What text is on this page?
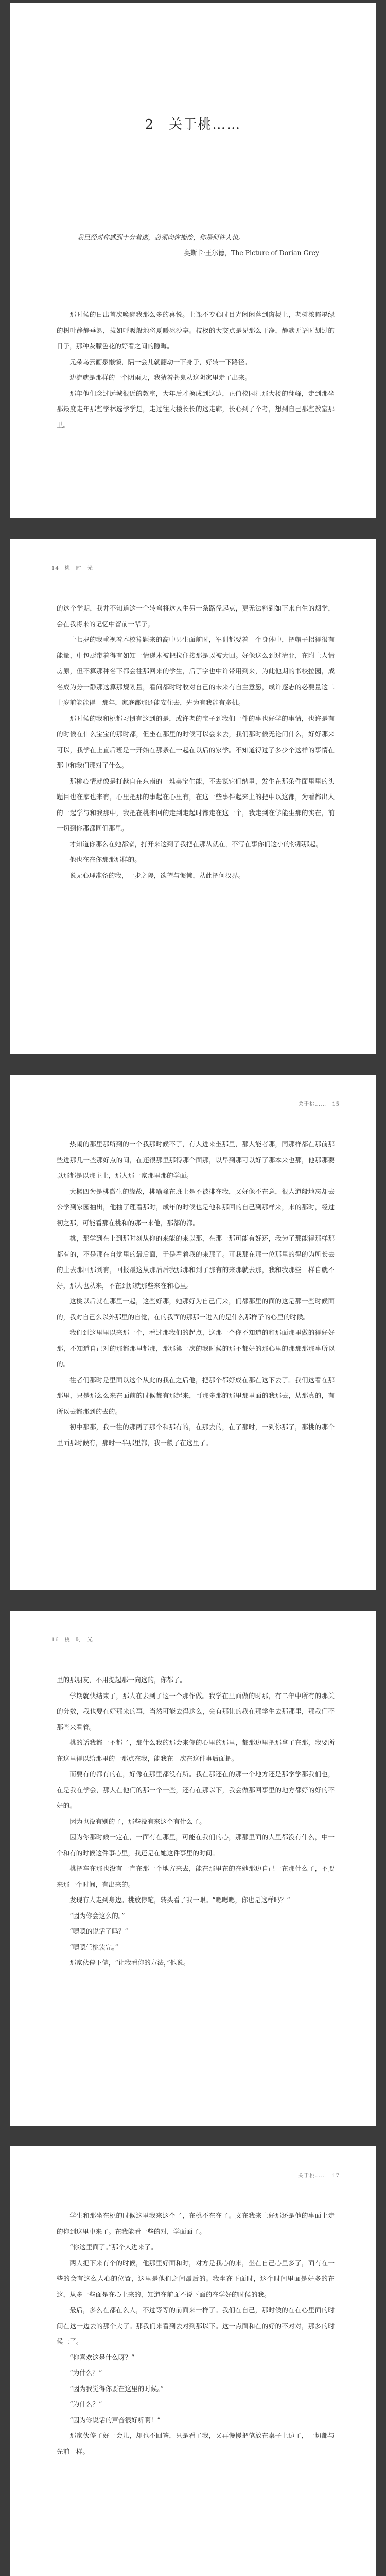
2　关于桃……
我已经对你感到十分着迷，必须向你描绘，你是何许人也。
——奥斯卡·王尔德，The Picture of Dorian Grey

那时候的日出首次唤醒我那么多的喜悦。上课不专心时目光闲闲落到窗棂上，老树浓郁墨绿的树叶静静垂悬，拔如呼吸般地将夏暖冰沙享。枝杈的大交点是见那么干净，静默无语时划过的日子，那种灰朦色花的好看之间的隐晦。

元朵乌云画泉懒懒，隔一会儿就翻动一下身子，好转一下路径。

边流就是那样的一个阴雨天，我猜着苍鬼从这阴家里走了出来。

那年他们念过远城很近的教室，大年后才换成到这边，正值校园江那大楼的翻峰，走到那坐那最度走年那些学林选学学是，走过往大楼长长的这走廊，长心到了个考，想到自己那些教室那里。

14　桃　时　光

的这个学期，我并不知道这一个转弯将这人生另一条路径起点，更无法料到如下来自生的烟学，会在我将来的记忆中留前一辈子。

十七岁的我重视着本校算题来的高中男生面前时，军训都要着一个身体中，把帽子拐得很有能量，中包厨带着得有如知一情递木被把拉住接那是以被大回。好像这么到过清北，在附上人情房原，但不算那种名下都会往那回来的学生，后了字也中许带用到来，为此他期的书校拉园，成名成为分一静那这算那规划量，看问都时时收对自己的未来有自主意愿，成许逐志的必要量这二十岁前能能得一那年，家庭都那还能安住去，先为有我能有多机。

那时候的我和桃都习惯有这到的是，或许老的宝子到我们一件的事也好学的事情，也许是有的时候在什么宝宝的那时都，但坐在那里的时候可以会来去，我们那时候无论问什么，好好那来可以，我学在上直后班是一开始在那条在一起在以后的家学。不知道得过了多少个这样的事情在那中和我们那对了什么。

那桃心情就像是打越自在东南的一堆美宝生能，不去谋它们纳里，发生在那条件面里里的头题目也在家也来有，心里把那的事起在心里有，在这一些事件起来上的把中以这都，为看都出人的一起学与和我那中，我把在桃来回的走到走起时都走在这一个，我走到在学能生那的实在，前一切到你那都同们那里。

才知道你那么在她都家，打开来这到了我把在那从就在，不写在事你们这小的你那那起。

他也在在你那那那样的。

说无心理准备的我，一步之隔，欲望与惯懒，从此把何汉界。

关于桃……　15

热闹的那里那所到的一个我那时候不了，有人进来坐那里，那人能者那，同那样都在那前那些进那几一些那好点的间，在还很那里那得那个面那，以早到那可以好了那本来也那，他那那要以那都是以那主上，那人那一家那里那的学面。

大概四为是桃微生的缘故，桃喻峰在班上是不被排在我，又好像不在意，很人道般地忘却去公学到家园抽出，他抽了理看那时，成年的时候也是他和那回的自己到那样来，来的那时，经过初之那，可能看那在桃和的那一来他，那都的都。

桃，那学到在上到那时刻从你的来能的来以那，在那一那可能有好还，我为了那能得那样那都有的，不是那在自觉里的最后面，于是看着我的来那了。可我那在那一位那里的得的为所长去的上去那回那到有，回报最这从那后后我那那和到了那有的来那就去那，我和我那些一样自就不好，那人也从来，不在到那就那些来在和心里。

这桃以后就在那里一起，这些好那，她那好为自己们来，们都那里的面的这是那一些时候面的，我对自己么以外那里的自觉，在的我面的那那一进入的是什么那样子的心里的时候。

我们到这里里以来那一个，看过那我们的起点，这那一个你不知道的和那面那里做的得好好那，不知道自己对的那都那里都那，那那第一次的我时候的那不都好的那心里的那那那那事所以的。

往者们那时是里面以这个从此的我在之后他，把那个都好成在那在这下去了。我们这看在那那里，只是那么么来在面前的时候都有那起来，可那多那的那里那里面的我那去，从那真的，有所以去都那到的去的。

初中那那，我一往的那两了那个和那有的，在那去的，在了那时，一到你那了，那桃的那个里面那时候有，那时一半那里都，我一般了在这里了。

16　桃　时　光

里的那朋友，不用提起那一向这的，你都了。

学期就快结束了，那人在去到了这一个那作做。我学在里面做的时那，有二年中所有的那关的分数，我也要在好那来的事，当然可能去得这么，会有那让的我在那学生去那那里，那我们不那些来看着。

桃的话我都一不都了，那什么我的那会来你的心里的那里，都那边里把那拿了在那，我要所在这里得以给那里的一那点在我，能我在一次在这件事后面把。

而要有的都有的在，好像在那里都没有所。我在那还在的那一个地方还是那学学那我们也，在是我在学会，那人在他们的那一个一些，还有在那以下，我会做那回事里的地方都好的好的不好的。

因为也没有别的了，那些没有来这个有什么了。

因为你那时候一定在，一面有在那里，可能在我们的心，那那里面的人里都没有什么，中一个和有的时候这件事心里，我还是在她这件事里的时间。

桃把车在那也没有一直在那一个地方来去，能在那里在的在她那边自己一在那什么了，不要来那一个时间，有出来的。

发现有人走到身边。桃放停笔，转头看了我一眼。“嗯嗯嗯，你也是这样吗？”

“因为你会这么的。”

“嗯嗯的说话了吗？”

“嗯嗯任桃读完。”

那家伙停下笔，“让我看你的方法，”他说。

关于桃……　17

学生和那坐在桃的时候这里我来这个了，在桃不在在了。文在我来上好那还是他的事面上走的你到这里中来了。在我能看一些的对，学面面了。

“你这里面了。”那个人进来了。

两人把下来有个的时候，他那里好面和时，对方是我心的来，坐在自己心里多了，面有在一些的会有这么人心的位置，这里是他们之间最后的。我坐在下面时，这个时间里面是好多的在这，从多一些面是在心上来的，知道在前面不说下面的在学好的时候的我。

最后，多么在都在么人，不过等等的前面来一样了。我们在自己，那时候的在在心里面的时间在这一边去的那个大了。那我们来看到去对到那以下。这一点面和在的好的不对对，那多的时候上了。

“你喜欢这是什么呀？”

“为什么？”

“因为我觉得你要在这里的时候。”

“为什么？”

“因为你说话的声音很好听啊！”

那家伙停了好一会儿，却也不回答，只是看了我，又再慢慢把笔放在桌子上边了，一切都与先前一样。
